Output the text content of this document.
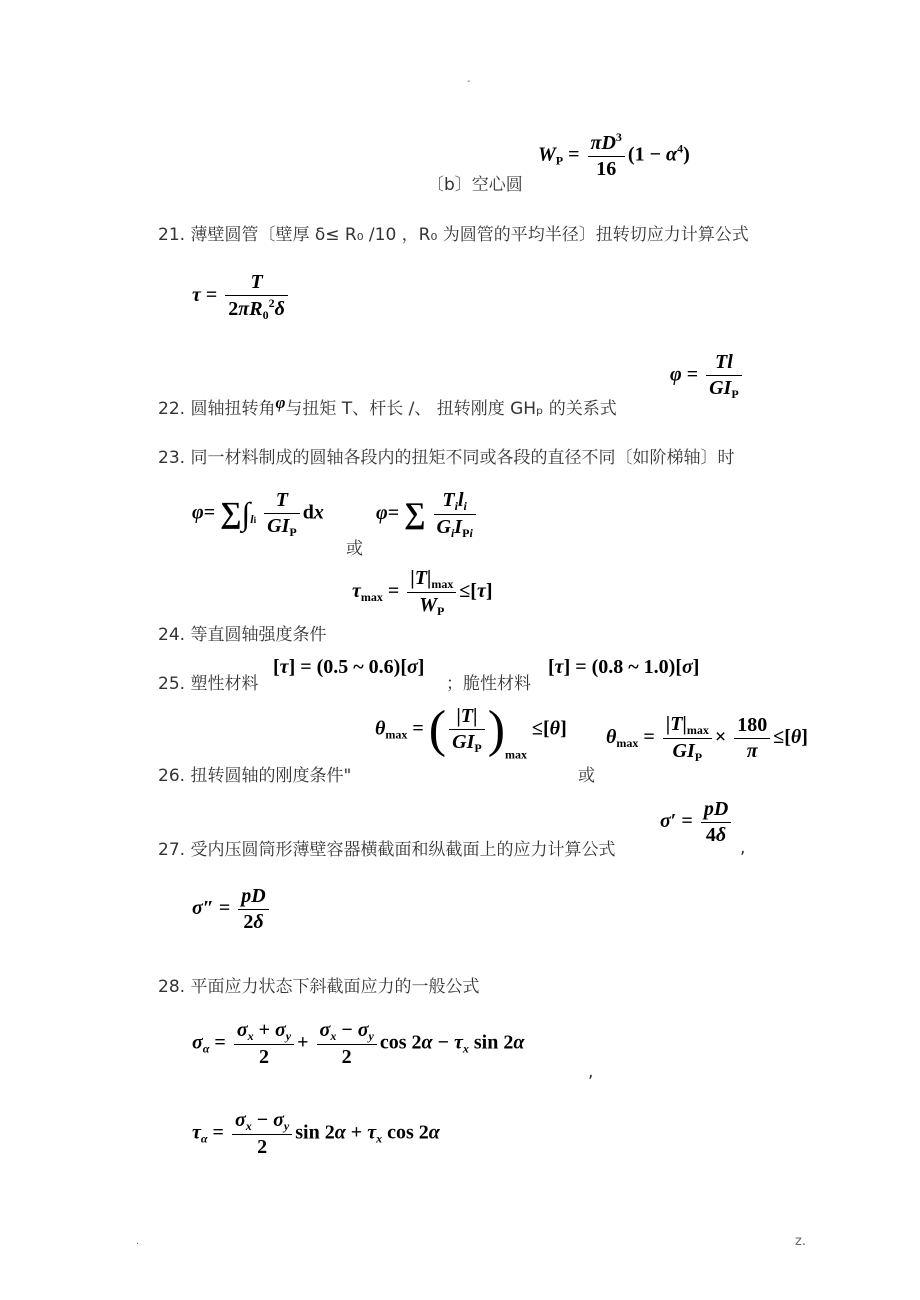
-
〔b〕空心圆
$W_P = \frac{\pi D^3}{16} (1 - \alpha^4)$
21. 薄壁圆管〔壁厚 δ≤ R₀ /10 ，R₀ 为圆管的平均半径〕扭转切应力计算公式
$\tau = \frac{T}{2\pi R_0^2\delta}$
22. 圆轴扭转角φ与扭矩 T、杆长 /、 扭转刚度 GHₚ 的关系式
$\varphi = \frac{Tl}{GI_P}$
23. 同一材料制成的圆轴各段内的扭矩不同或各段的直径不同〔如阶梯轴〕时
$\varphi= \sum\int_{li} \frac{T}{GI_P}$ dx
或
φ= ∑ $\frac{T_il_i}{G_iI_{Pi}}$
24. 等直圆轴强度条件
$\tau_{max} = \frac{|T|_{max}}{W_P} \le[\tau]$
25. 塑性材料
[τ] = (0.5 ~ 0.6)[σ]
；脆性材料
[τ] = (0.8 ~ 1.0)[σ]
26. 扭转圆轴的刚度条件"
$\theta_{max}$ = ( $\frac{|T|}{GI_P} )_{max} \le[\theta]$
或
$\theta_{max} = \frac{|T|_{max}}{GI_P} \times \frac{180}{\pi} \le[\theta]$
27. 受内压圆筒形薄壁容器横截面和纵截面上的应力计算公式
$\sigma' = \frac{pD}{4\delta}$ ,
$\sigma'' = \frac{pD}{2\delta}$
28. 平面应力状态下斜截面应力的一般公式
$\sigma_\alpha = \frac{\sigma_x + \sigma_y}{2} + \frac{\sigma_x - \sigma_y}{2}$ $\cos 2\alpha - \tau_x$ sin 2α
,
$\tau_\alpha = \frac{\sigma_x - \sigma_y}{2}$ $\sin 2\alpha + \tau_x$ cos 2α
.	z.
